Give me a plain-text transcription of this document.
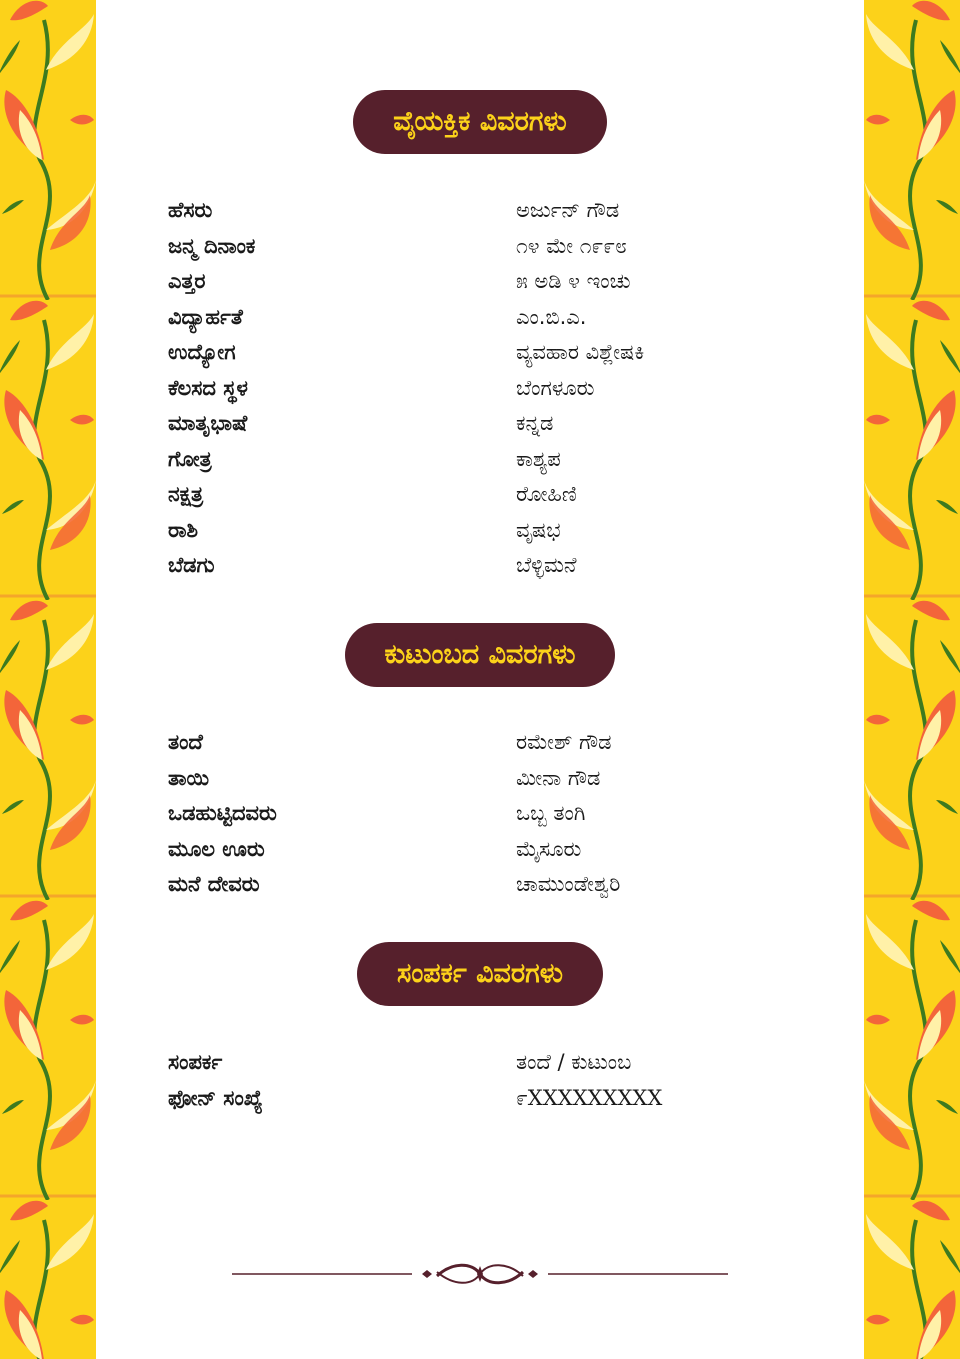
ವೈಯಕ್ತಿಕ ವಿವರಗಳು
ಹೆಸರು	ಅರ್ಜುನ್ ಗೌಡ
ಜನ್ಮ ದಿನಾಂಕ	೧೪ ಮೇ ೧೯೯೮
ಎತ್ತರ	೫ ಅಡಿ ೪ ಇಂಚು
ವಿದ್ಯಾರ್ಹತೆ	ಎಂ.ಬಿ.ಎ.
ಉದ್ಯೋಗ	ವ್ಯವಹಾರ ವಿಶ್ಲೇಷಕಿ
ಕೆಲಸದ ಸ್ಥಳ	ಬೆಂಗಳೂರು
ಮಾತೃಭಾಷೆ	ಕನ್ನಡ
ಗೋತ್ರ	ಕಾಶ್ಯಪ
ನಕ್ಷತ್ರ	ರೋಹಿಣಿ
ರಾಶಿ	ವೃಷಭ
ಬೆಡಗು	ಬೆಳ್ಳಿಮನೆ
ಕುಟುಂಬದ ವಿವರಗಳು
ತಂದೆ	ರಮೇಶ್ ಗೌಡ
ತಾಯಿ	ಮೀನಾ ಗೌಡ
ಒಡಹುಟ್ಟಿದವರು	ಒಬ್ಬ ತಂಗಿ
ಮೂಲ ಊರು	ಮೈಸೂರು
ಮನೆ ದೇವರು	ಚಾಮುಂಡೇಶ್ವರಿ
ಸಂಪರ್ಕ ವಿವರಗಳು
ಸಂಪರ್ಕ	ತಂದೆ / ಕುಟುಂಬ
ಫೋನ್ ಸಂಖ್ಯೆ	೯XXXXXXXXX
